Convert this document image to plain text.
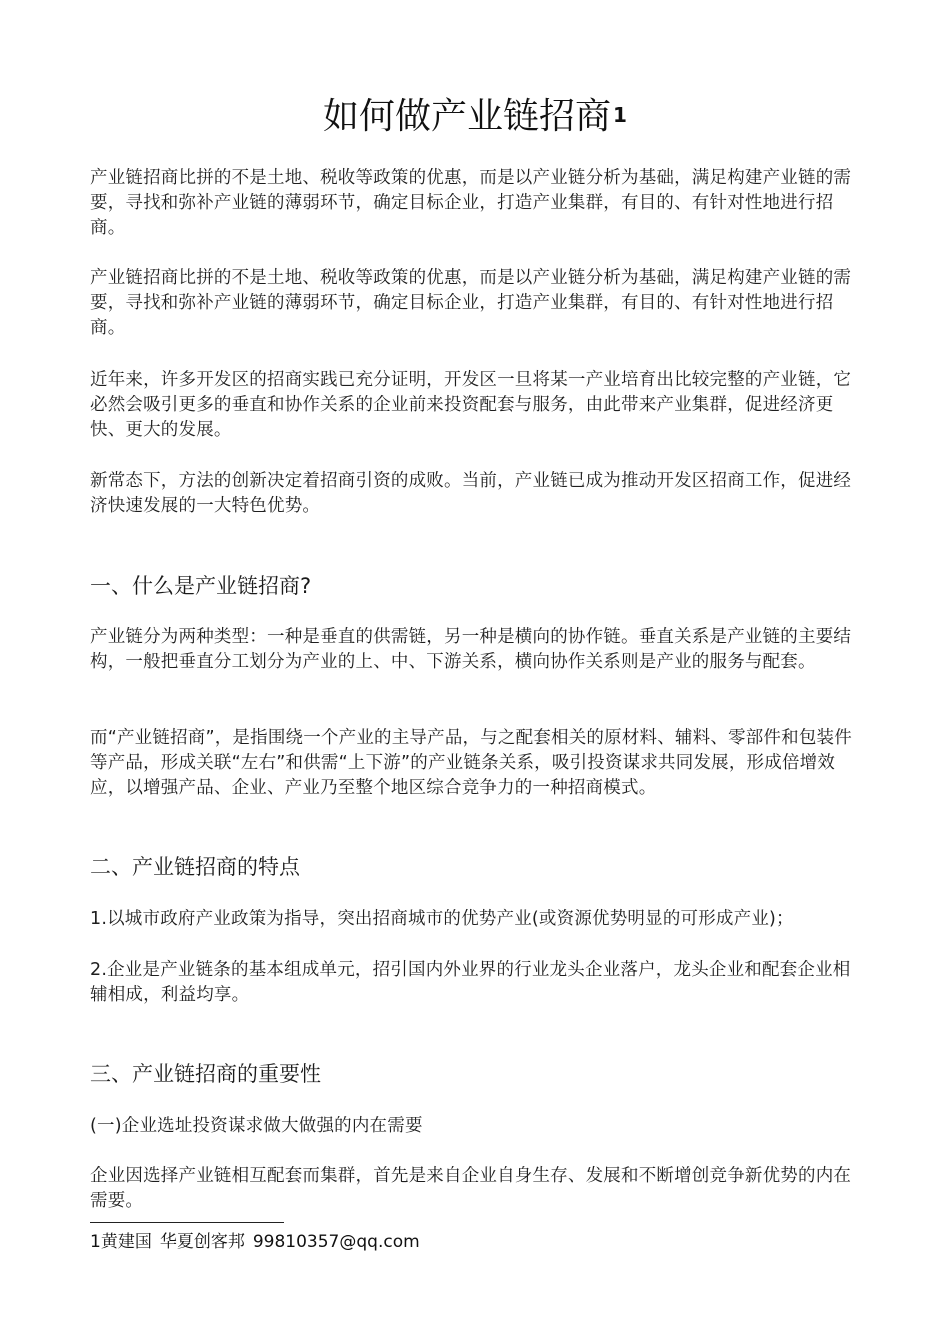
如何做产业链招商 $^1$

产业链招商比拼的不是土地、税收等政策的优惠，而是以产业链分析为基础，满足构建产业链的需要，寻找和弥补产业链的薄弱环节，确定目标企业，打造产业集群，有目的、有针对性地进行招商。

产业链招商比拼的不是土地、税收等政策的优惠，而是以产业链分析为基础，满足构建产业链的需要，寻找和弥补产业链的薄弱环节，确定目标企业，打造产业集群，有目的、有针对性地进行招商。

近年来，许多开发区的招商实践已充分证明，开发区一旦将某一产业培育出比较完整的产业链，它必然会吸引更多的垂直和协作关系的企业前来投资配套与服务，由此带来产业集群，促进经济更快、更大的发展。

新常态下，方法的创新决定着招商引资的成败。当前，产业链已成为推动开发区招商工作，促进经济快速发展的一大特色优势。

一、什么是产业链招商?

产业链分为两种类型：一种是垂直的供需链，另一种是横向的协作链。垂直关系是产业链的主要结构，一般把垂直分工划分为产业的上、中、下游关系，横向协作关系则是产业的服务与配套。

而“产业链招商”，是指围绕一个产业的主导产品，与之配套相关的原材料、辅料、零部件和包装件等产品，形成关联“左右”和供需“上下游”的产业链条关系，吸引投资谋求共同发展，形成倍增效应，以增强产品、企业、产业乃至整个地区综合竞争力的一种招商模式。

二、产业链招商的特点

1.以城市政府产业政策为指导，突出招商城市的优势产业(或资源优势明显的可形成产业)；

2.企业是产业链条的基本组成单元，招引国内外业界的行业龙头企业落户，龙头企业和配套企业相辅相成，利益均享。

三、产业链招商的重要性

(一)企业选址投资谋求做大做强的内在需要

企业因选择产业链相互配套而集群，首先是来自企业自身生存、发展和不断增创竞争新优势的内在需要。

1黄建国 华夏创客邦 99810357@qq.com
